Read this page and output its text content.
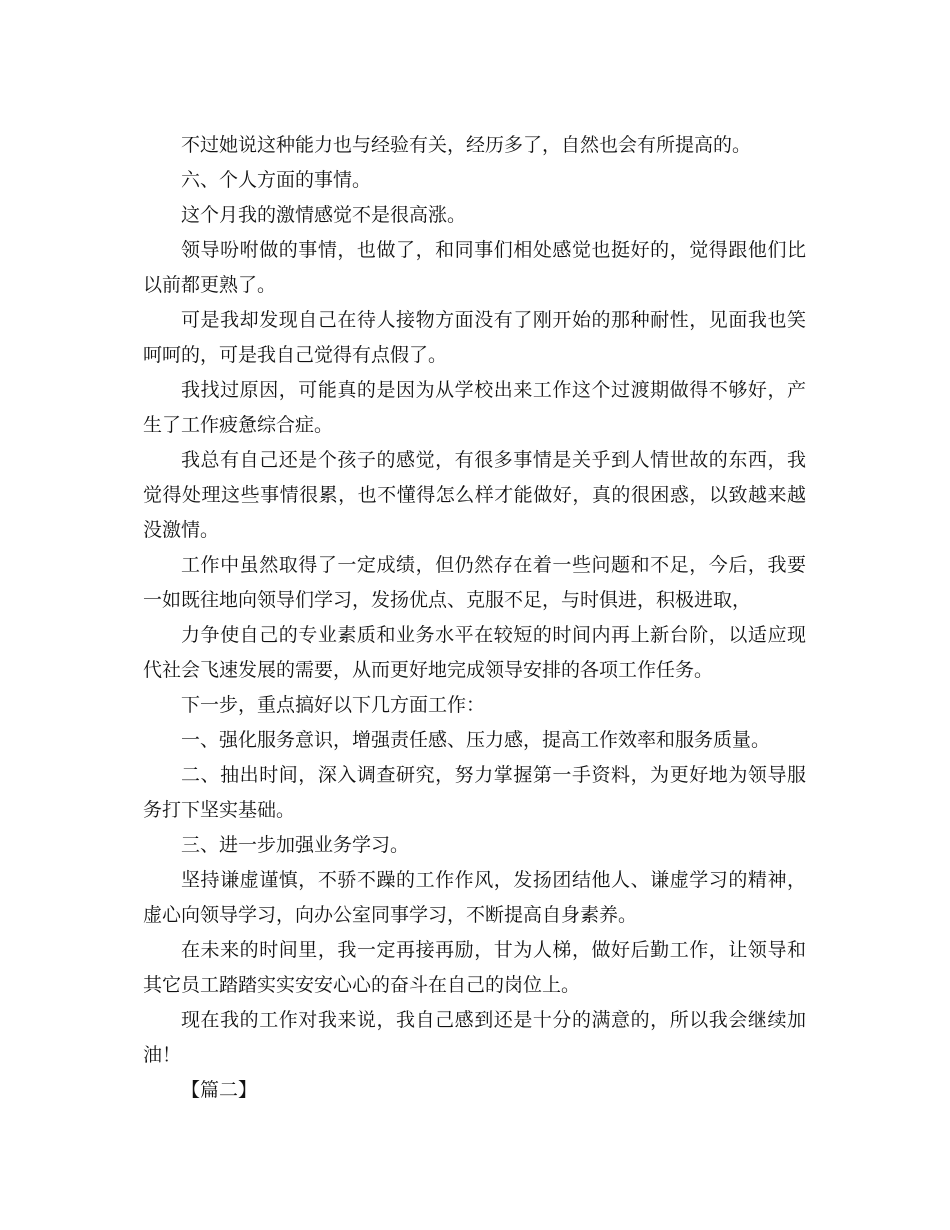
不过她说这种能力也与经验有关，经历多了，自然也会有所提高的。

六、个人方面的事情。

这个月我的激情感觉不是很高涨。

领导吩咐做的事情，也做了，和同事们相处感觉也挺好的，觉得跟他们比以前都更熟了。

可是我却发现自己在待人接物方面没有了刚开始的那种耐性，见面我也笑呵呵的，可是我自己觉得有点假了。

我找过原因，可能真的是因为从学校出来工作这个过渡期做得不够好，产生了工作疲惫综合症。

我总有自己还是个孩子的感觉，有很多事情是关乎到人情世故的东西，我觉得处理这些事情很累，也不懂得怎么样才能做好，真的很困惑，以致越来越没激情。

工作中虽然取得了一定成绩，但仍然存在着一些问题和不足，今后，我要一如既往地向领导们学习，发扬优点、克服不足，与时俱进，积极进取，

力争使自己的专业素质和业务水平在较短的时间内再上新台阶，以适应现代社会飞速发展的需要，从而更好地完成领导安排的各项工作任务。

下一步，重点搞好以下几方面工作：

一、强化服务意识，增强责任感、压力感，提高工作效率和服务质量。

二、抽出时间，深入调查研究，努力掌握第一手资料，为更好地为领导服务打下坚实基础。

三、进一步加强业务学习。

坚持谦虚谨慎，不骄不躁的工作作风，发扬团结他人、谦虚学习的精神，虚心向领导学习，向办公室同事学习，不断提高自身素养。

在未来的时间里，我一定再接再励，甘为人梯，做好后勤工作，让领导和其它员工踏踏实实安安心心的奋斗在自己的岗位上。

现在我的工作对我来说，我自己感到还是十分的满意的，所以我会继续加油！

【篇二】
